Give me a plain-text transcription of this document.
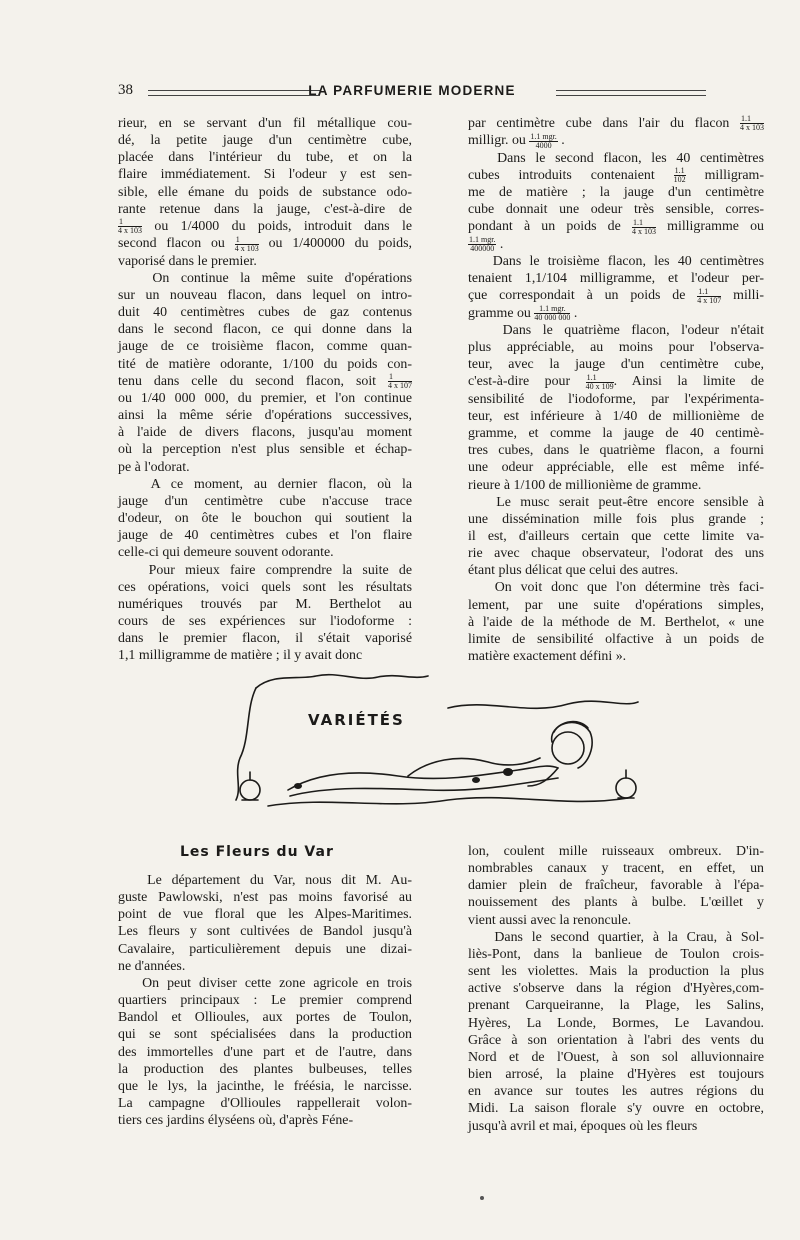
38	LA PARFUMERIE MODERNE
rieur, en se servant d'un fil métallique cou-
dé, la petite jauge d'un centimètre cube,
placée dans l'intérieur du tube, et on la
flaire immédiatement. Si l'odeur y est sen-
sible, elle émane du poids de substance odo-
rante retenue dans la jauge, c'est-à-dire de
$\frac{1}{4 x 103}$ ou 1/4000 du poids, introduit dans le
second flacon ou $\frac{1}{4 x 103}$ ou 1/400000 du poids,
vaporisé dans le premier.
On continue la même suite d'opérations
sur un nouveau flacon, dans lequel on intro-
duit 40 centimètres cubes de gaz contenus
dans le second flacon, ce qui donne dans la
jauge de ce troisième flacon, comme quan-
tité de matière odorante, 1/100 du poids con-
tenu dans celle du second flacon, soit $\frac{1}{4 x 107}$
ou 1/40 000 000, du premier, et l'on continue
ainsi la même série d'opérations successives,
à l'aide de divers flacons, jusqu'au moment
où la perception n'est plus sensible et échap-
pe à l'odorat.
A ce moment, au dernier flacon, où la
jauge d'un centimètre cube n'accuse trace
d'odeur, on ôte le bouchon qui soutient la
jauge de 40 centimètres cubes et l'on flaire
celle-ci qui demeure souvent odorante.
Pour mieux faire comprendre la suite de
ces opérations, voici quels sont les résultats
numériques trouvés par M. Berthelot au
cours de ses expériences sur l'iodoforme :
dans le premier flacon, il s'était vaporisé
1,1 milligramme de matière ; il y avait donc
par centimètre cube dans l'air du flacon $\frac{1.1}{4 x 103}$
milligr. ou $\frac{\text{1.1 mgr.}}{4000}$ .
Dans le second flacon, les 40 centimètres
cubes introduits contenaient $\frac{1.1}{102}$ milligram-
me de matière ; la jauge d'un centimètre
cube donnait une odeur très sensible, corres-
pondant à un poids de $\frac{1.1}{4 x 103}$ milligramme ou
$\frac{\text{1.1 mgr.}}{400000}$ .
Dans le troisième flacon, les 40 centimètres
tenaient 1,1/104 milligramme, et l'odeur per-
çue correspondait à un poids de $\frac{1.1}{4 x 107}$ milli-
gramme ou $\frac{\text{1.1 mgr.}}{40 000 000}$ .
Dans le quatrième flacon, l'odeur n'était
plus appréciable, au moins pour l'observa-
teur, avec la jauge d'un centimètre cube,
c'est-à-dire pour $\frac{1.1}{40 x 109}$ . Ainsi la limite de
sensibilité de l'iodoforme, par l'expérimenta-
teur, est inférieure à 1/40 de millionième de
gramme, et comme la jauge de 40 centimè-
tres cubes, dans le quatrième flacon, a fourni
une odeur appréciable, elle est même infé-
rieure à 1/100 de millionième de gramme.
Le musc serait peut-être encore sensible à
une dissémination mille fois plus grande ;
il est, d'ailleurs certain que cette limite va-
rie avec chaque observateur, l'odorat des uns
étant plus délicat que celui des autres.
On voit donc que l'on détermine très faci-
lement, par une suite d'opérations simples,
à l'aide de la méthode de M. Berthelot, « une
limite de sensibilité olfactive à un poids de
matière exactement défini ».
VARIÉTÉS
Les Fleurs du Var
Le département du Var, nous dit M. Au-
guste Pawlowski, n'est pas moins favorisé au
point de vue floral que les Alpes-Maritimes.
Les fleurs y sont cultivées de Bandol jusqu'à
Cavalaire, particulièrement depuis une dizai-
ne d'années.
On peut diviser cette zone agricole en trois
quartiers principaux : Le premier comprend
Bandol et Ollioules, aux portes de Toulon,
qui se sont spécialisées dans la production
des immortelles d'une part et de l'autre, dans
la production des plantes bulbeuses, telles
que le lys, la jacinthe, le fréésia, le narcisse.
La campagne d'Ollioules rappellerait volon-
tiers ces jardins élyséens où, d'après Féne-
lon, coulent mille ruisseaux ombreux. D'in-
nombrables canaux y tracent, en effet, un
damier plein de fraîcheur, favorable à l'épa-
nouissement des plants à bulbe. L'œillet y
vient aussi avec la renoncule.
Dans le second quartier, à la Crau, à Sol-
liès-Pont, dans la banlieue de Toulon crois-
sent les violettes. Mais la production la plus
active s'observe dans la région d'Hyères,com-
prenant Carqueiranne, la Plage, les Salins,
Hyères, La Londe, Bormes, Le Lavandou.
Grâce à son orientation à l'abri des vents du
Nord et de l'Ouest, à son sol alluvionnaire
bien arrosé, la plaine d'Hyères est toujours
en avance sur toutes les autres régions du
Midi. La saison florale s'y ouvre en octobre,
jusqu'à avril et mai, époques où les fleurs
